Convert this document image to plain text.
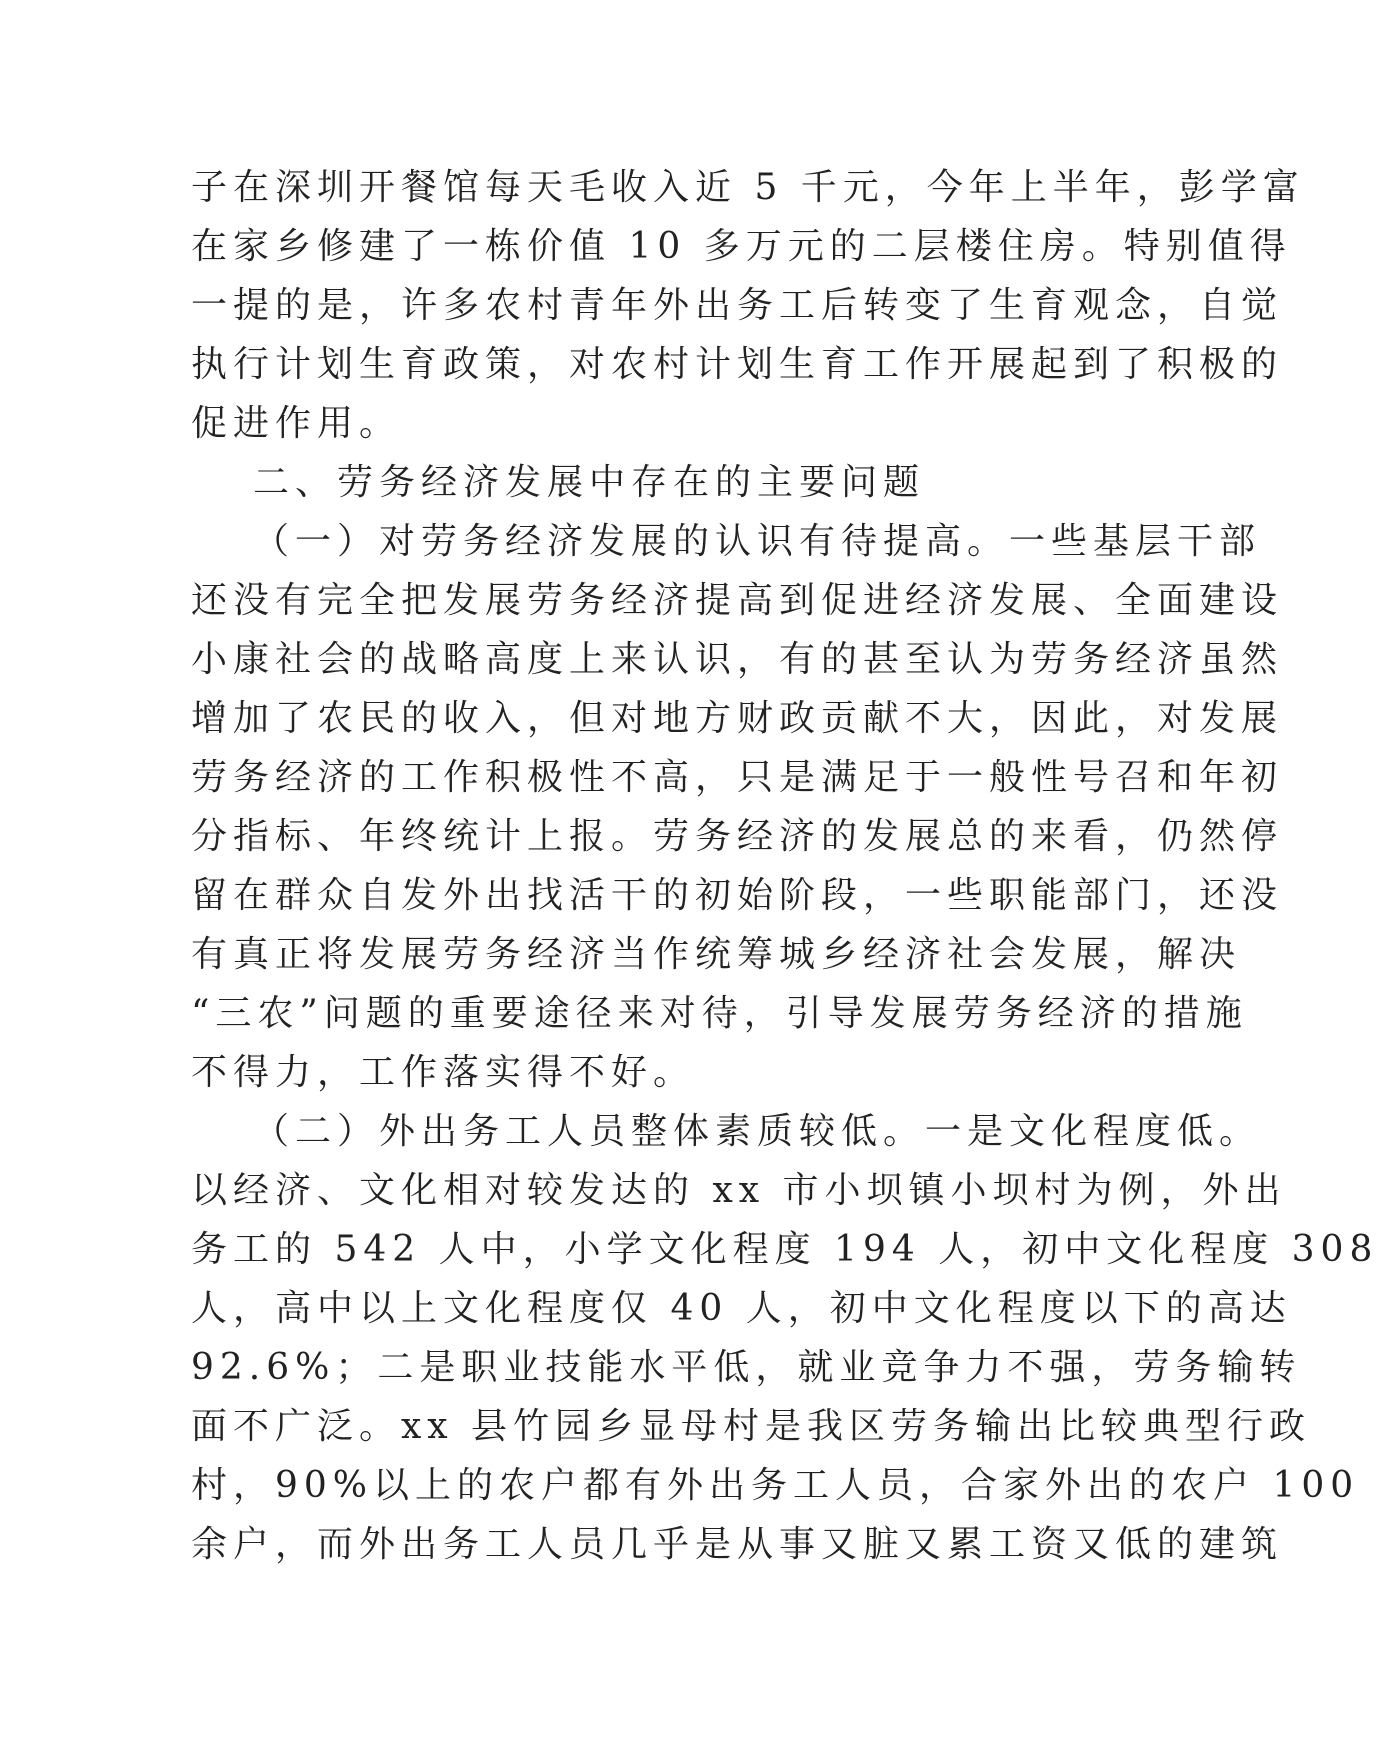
子在深圳开餐馆每天毛收入近 5 千元，今年上半年，彭学富
在家乡修建了一栋价值 10 多万元的二层楼住房。特别值得
一提的是，许多农村青年外出务工后转变了生育观念，自觉
执行计划生育政策，对农村计划生育工作开展起到了积极的
促进作用。
二、劳务经济发展中存在的主要问题
（一）对劳务经济发展的认识有待提高。一些基层干部
还没有完全把发展劳务经济提高到促进经济发展、全面建设
小康社会的战略高度上来认识，有的甚至认为劳务经济虽然
增加了农民的收入，但对地方财政贡献不大，因此，对发展
劳务经济的工作积极性不高，只是满足于一般性号召和年初
分指标、年终统计上报。劳务经济的发展总的来看，仍然停
留在群众自发外出找活干的初始阶段，一些职能部门，还没
有真正将发展劳务经济当作统筹城乡经济社会发展，解决
“三农”问题的重要途径来对待，引导发展劳务经济的措施
不得力，工作落实得不好。
（二）外出务工人员整体素质较低。一是文化程度低。
以经济、文化相对较发达的 xx 市小坝镇小坝村为例，外出
务工的 542 人中，小学文化程度 194 人，初中文化程度 308
人，高中以上文化程度仅 40 人，初中文化程度以下的高达
92.6%；二是职业技能水平低，就业竞争力不强，劳务输转
面不广泛。xx 县竹园乡显母村是我区劳务输出比较典型行政
村，90%以上的农户都有外出务工人员，合家外出的农户 100
余户，而外出务工人员几乎是从事又脏又累工资又低的建筑
